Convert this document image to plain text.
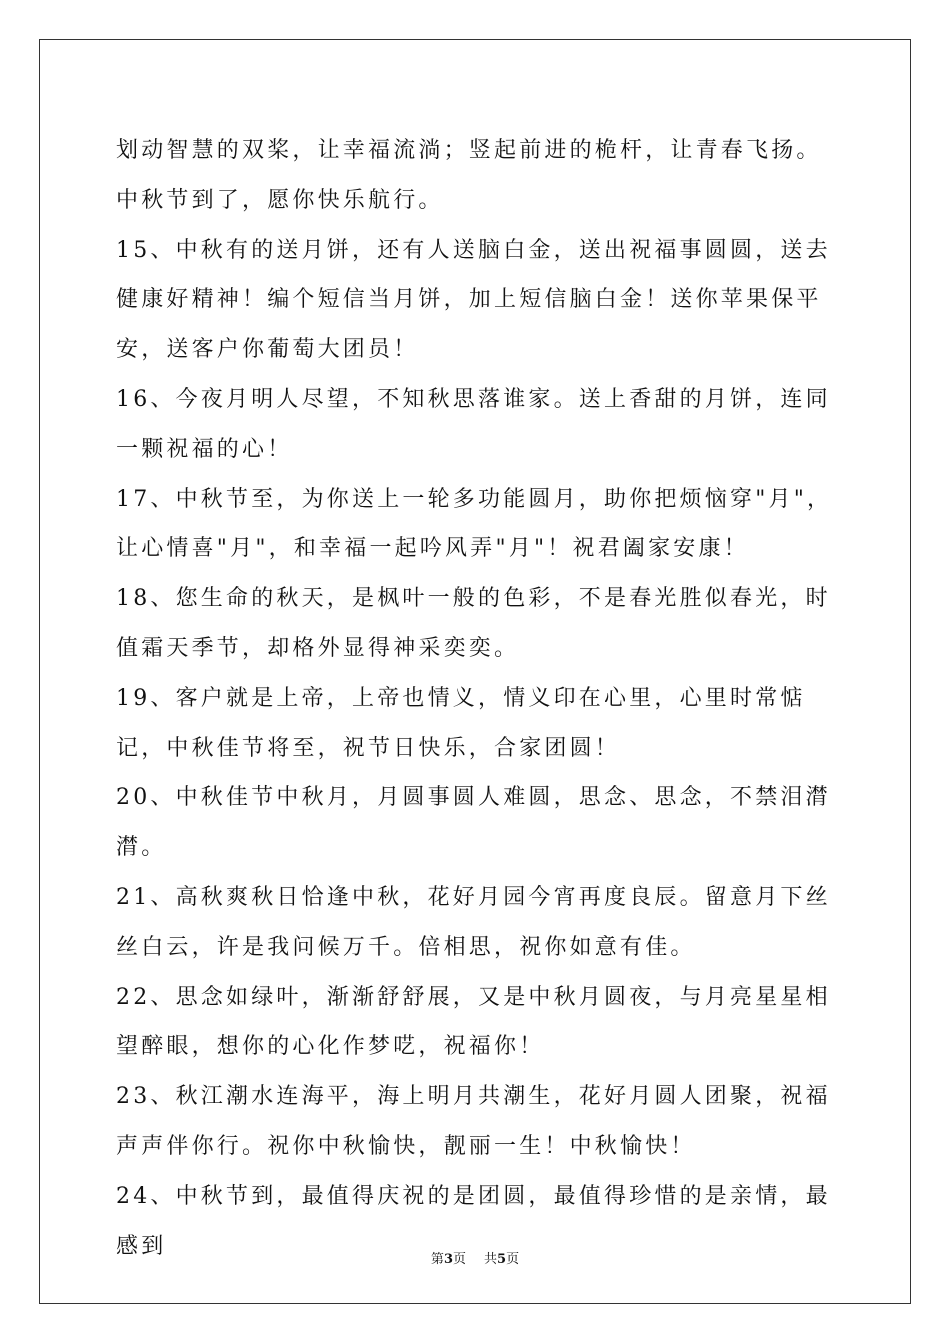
划动智慧的双桨，让幸福流淌；竖起前进的桅杆，让青春飞扬。中秋节到了，愿你快乐航行。

15、中秋有的送月饼，还有人送脑白金，送出祝福事圆圆，送去健康好精神！编个短信当月饼，加上短信脑白金！送你苹果保平安，送客户你葡萄大团员！

16、今夜月明人尽望，不知秋思落谁家。送上香甜的月饼，连同一颗祝福的心！

17、中秋节至，为你送上一轮多功能圆月，助你把烦恼穿"月"，让心情喜"月"，和幸福一起吟风弄"月"！祝君阖家安康！

18、您生命的秋天，是枫叶一般的色彩，不是春光胜似春光，时值霜天季节，却格外显得神采奕奕。

19、客户就是上帝，上帝也情义，情义印在心里，心里时常惦记，中秋佳节将至，祝节日快乐，合家团圆！

20、中秋佳节中秋月，月圆事圆人难圆，思念、思念，不禁泪潸潸。

21、高秋爽秋日恰逢中秋，花好月园今宵再度良辰。留意月下丝丝白云，许是我问候万千。倍相思，祝你如意有佳。

22、思念如绿叶，渐渐舒舒展，又是中秋月圆夜，与月亮星星相望醉眼，想你的心化作梦呓，祝福你！

23、秋江潮水连海平，海上明月共潮生，花好月圆人团聚，祝福声声伴你行。祝你中秋愉快，靓丽一生！中秋愉快！

24、中秋节到，最值得庆祝的是团圆，最值得珍惜的是亲情，最感到

第3页 共5页
